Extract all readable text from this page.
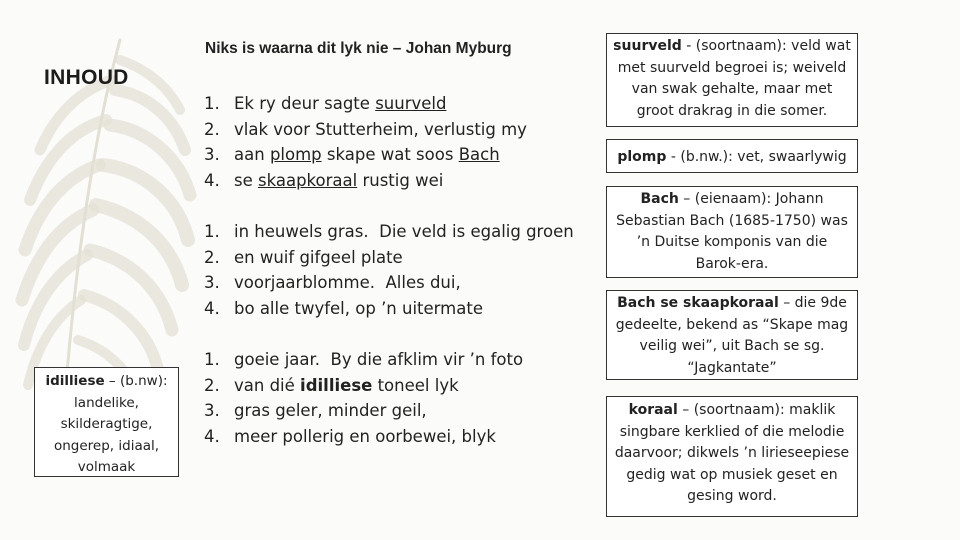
INHOUD
idilliese – (b.nw): landelike, skilderagtige, ongerep, idiaal, volmaak
Niks is waarna dit lyk nie – Johan Myburg
1. Ek ry deur sagte suurveld
2. vlak voor Stutterheim, verlustig my
3. aan plomp skape wat soos Bach
4. se skaapkoraal rustig wei
1. in heuwels gras.  Die veld is egalig groen
2. en wuif gifgeel plate
3. voorjaarblomme.  Alles dui,
4. bo alle twyfel, op ’n uitermate
1. goeie jaar.  By die afklim vir ’n foto
2. van dié idilliese toneel lyk
3. gras geler, minder geil,
4. meer pollerig en oorbewei, blyk
suurveld - (soortnaam): veld wat met suurveld begroei is; weiveld van swak gehalte, maar met groot drakrag in die somer.
plomp - (b.nw.): vet, swaarlywig
Bach – (eienaam): Johann Sebastian Bach (1685-1750) was ’n Duitse komponis van die Barok-era.
Bach se skaapkoraal – die 9de gedeelte, bekend as “Skape mag veilig wei”, uit Bach se sg. “Jagkantate”
koraal – (soortnaam): maklik singbare kerklied of die melodie daarvoor; dikwels ’n lirieseepiese gedig wat op musiek geset en gesing word.
